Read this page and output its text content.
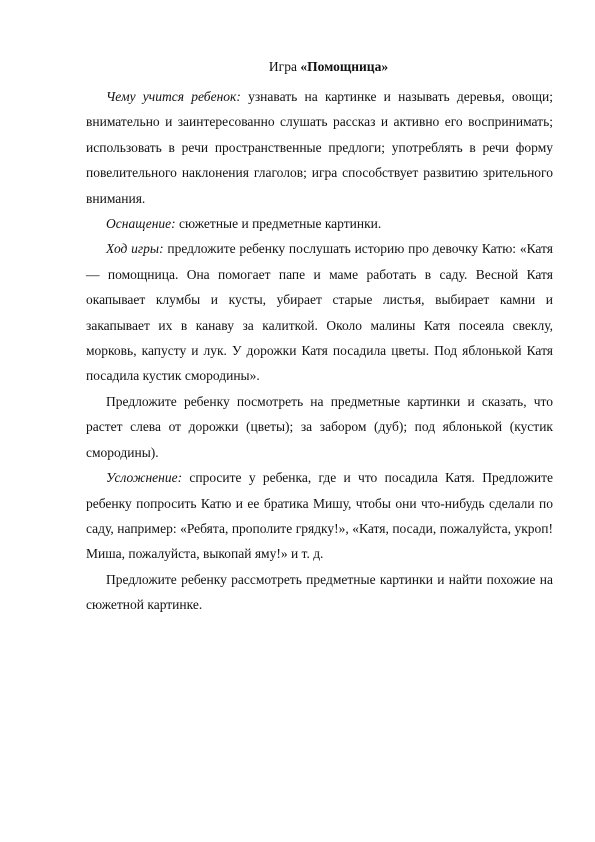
Игра «Помощница»

Чему учится ребенок: узнавать на картинке и называть деревья, овощи; внимательно и заинтересованно слушать рассказ и активно его воспринимать; использовать в речи пространственные предлоги; употреблять в речи форму повелительного наклонения глаголов; игра способствует развитию зрительного внимания.

Оснащение: сюжетные и предметные картинки.

Ход игры: предложите ребенку послушать историю про девочку Катю: «Катя — помощница. Она помогает папе и маме работать в саду. Весной Катя окапывает клумбы и кусты, убирает старые листья, выбирает камни и закапывает их в канаву за калиткой. Около малины Катя посеяла свеклу, морковь, капусту и лук. У дорожки Катя посадила цветы. Под яблонькой Катя посадила кустик смородины».

Предложите ребенку посмотреть на предметные картинки и сказать, что растет слева от дорожки (цветы); за забором (дуб); под яблонькой (кустик смородины).

Усложнение: спросите у ребенка, где и что посадила Катя. Предложите ребенку попросить Катю и ее братика Мишу, чтобы они что-нибудь сделали по саду, например: «Ребята, прополите грядку!», «Катя, посади, пожалуйста, укроп! Миша, пожалуйста, выкопай яму!» и т. д.

Предложите ребенку рассмотреть предметные картинки и найти похожие на сюжетной картинке.
